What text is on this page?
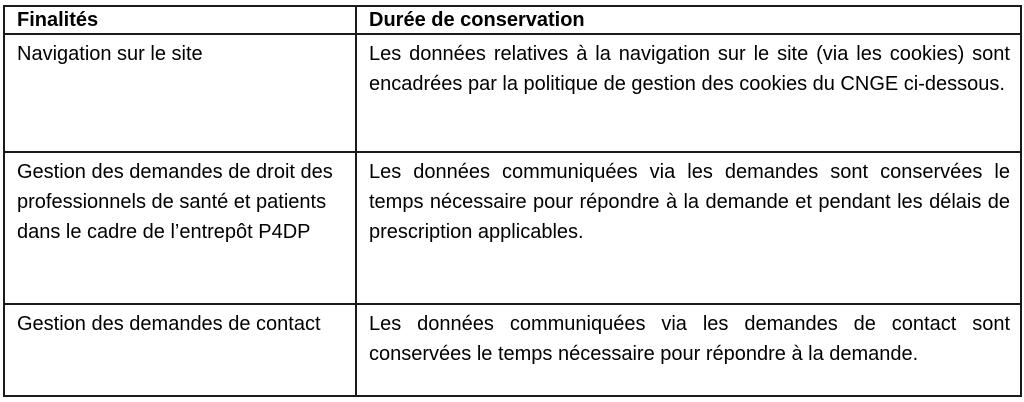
Finalités	Durée de conservation
Navigation sur le site	Les données relatives à la navigation sur le site (via les cookies) sont encadrées par la politique de gestion des cookies du CNGE ci-dessous.
Gestion des demandes de droit des professionnels de santé et patients dans le cadre de l’entrepôt P4DP	Les données communiquées via les demandes sont conservées le temps nécessaire pour répondre à la demande et pendant les délais de prescription applicables.
Gestion des demandes de contact	Les données communiquées via les demandes de contact sont conservées le temps nécessaire pour répondre à la demande.
